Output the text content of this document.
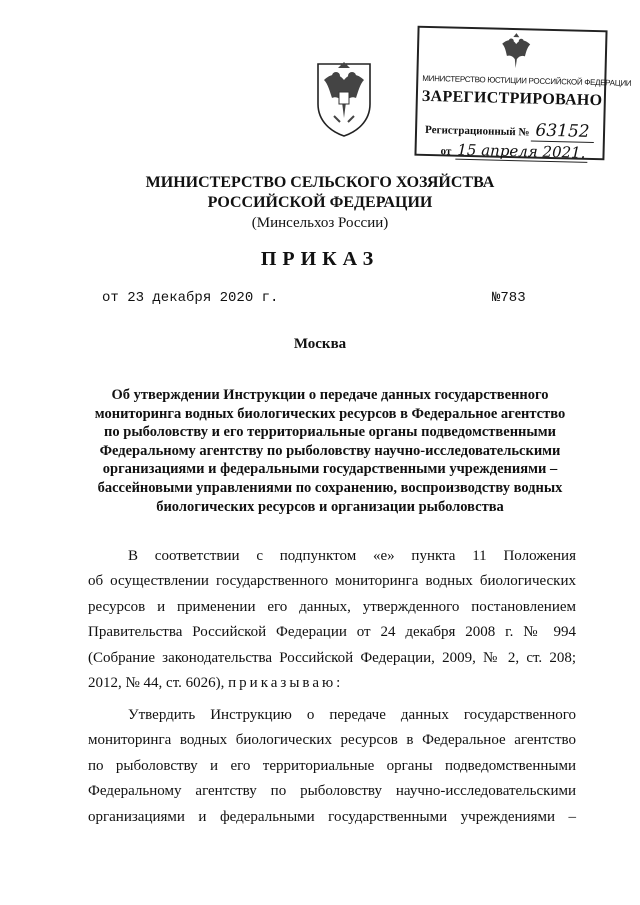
МИНИСТЕРСТВО ЮСТИЦИИ РОССИЙСКОЙ ФЕДЕРАЦИИ
ЗАРЕГИСТРИРОВАНО
Регистрационный № 63152
от 15 апреля 2021.
МИНИСТЕРСТВО СЕЛЬСКОГО ХОЗЯЙСТВА
РОССИЙСКОЙ ФЕДЕРАЦИИ
(Минсельхоз России)
ПРИКАЗ
от 23 декабря 2020 г.	№783
Москва
Об утверждении Инструкции о передаче данных государственного
мониторинга водных биологических ресурсов в Федеральное агентство
по рыболовству и его территориальные органы подведомственными
Федеральному агентству по рыболовству научно-исследовательскими
организациями и федеральными государственными учреждениями –
бассейновыми управлениями по сохранению, воспроизводству водных
биологических ресурсов и организации рыболовства
В соответствии с подпунктом «е» пункта 11 Положения
об осуществлении государственного мониторинга водных биологических
ресурсов и применении его данных, утвержденного постановлением
Правительства Российской Федерации от 24 декабря 2008 г. № 994
(Собрание законодательства Российской Федерации, 2009, № 2, ст. 208;
2012, № 44, ст. 6026), приказываю:
Утвердить Инструкцию о передаче данных государственного
мониторинга водных биологических ресурсов в Федеральное агентство
по рыболовству и его территориальные органы подведомственными
Федеральному агентству по рыболовству научно-исследовательскими
организациями и федеральными государственными учреждениями –
